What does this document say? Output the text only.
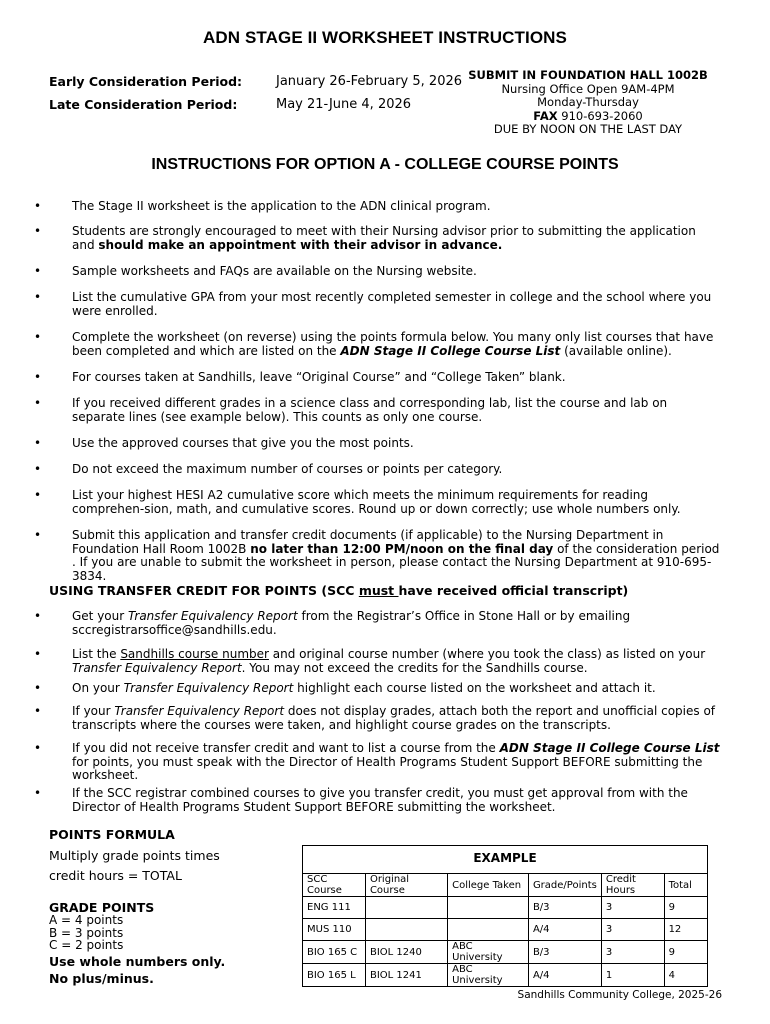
ADN STAGE II WORKSHEET INSTRUCTIONS
Early Consideration Period:	January 26-February 5, 2026
Late Consideration Period:	May 21-June 4, 2026
SUBMIT IN FOUNDATION HALL 1002B
Nursing Office Open 9AM-4PM
Monday-Thursday
FAX 910-693-2060
DUE BY NOON ON THE LAST DAY
INSTRUCTIONS FOR OPTION A - COLLEGE COURSE POINTS
• The Stage II worksheet is the application to the ADN clinical program.
• Students are strongly encouraged to meet with their Nursing advisor prior to submitting the application and should make an appointment with their advisor in advance.
• Sample worksheets and FAQs are available on the Nursing website.
• List the cumulative GPA from your most recently completed semester in college and the school where you were enrolled.
• Complete the worksheet (on reverse) using the points formula below. You many only list courses that have been completed and which are listed on the ADN Stage II College Course List (available online).
• For courses taken at Sandhills, leave “Original Course” and “College Taken” blank.
• If you received different grades in a science class and corresponding lab, list the course and lab on separate lines (see example below). This counts as only one course.
• Use the approved courses that give you the most points.
• Do not exceed the maximum number of courses or points per category.
• List your highest HESI A2 cumulative score which meets the minimum requirements for reading comprehen-sion, math, and cumulative scores. Round up or down correctly; use whole numbers only.
• Submit this application and transfer credit documents (if applicable) to the Nursing Department in Foundation Hall Room 1002B no later than 12:00 PM/noon on the final day of the consideration period . If you are unable to submit the worksheet in person, please contact the Nursing Department at 910-695-3834.
USING TRANSFER CREDIT FOR POINTS (SCC must have received official transcript)
• Get your Transfer Equivalency Report from the Registrar’s Office in Stone Hall or by emailing sccregistrarsoffice@sandhills.edu.
• List the Sandhills course number and original course number (where you took the class) as listed on your Transfer Equivalency Report. You may not exceed the credits for the Sandhills course.
• On your Transfer Equivalency Report highlight each course listed on the worksheet and attach it.
• If your Transfer Equivalency Report does not display grades, attach both the report and unofficial copies of transcripts where the courses were taken, and highlight course grades on the transcripts.
• If you did not receive transfer credit and want to list a course from the ADN Stage II College Course List for points, you must speak with the Director of Health Programs Student Support BEFORE submitting the worksheet.
• If the SCC registrar combined courses to give you transfer credit, you must get approval from with the Director of Health Programs Student Support BEFORE submitting the worksheet.
POINTS FORMULA
Multiply grade points times
credit hours = TOTAL
GRADE POINTS
A = 4 points
B = 3 points
C = 2 points
Use whole numbers only.
No plus/minus.
EXAMPLE					

SCC Course	Original Course	College Taken	Grade/Points	Credit Hours	Total
ENG 111			B/3	3	9
MUS 110			A/4	3	12
BIO 165 C	BIOL 1240	ABC University	B/3	3	9
BIO 165 L	BIOL 1241	ABC University	A/4	1	4
Sandhills Community College, 2025-26
